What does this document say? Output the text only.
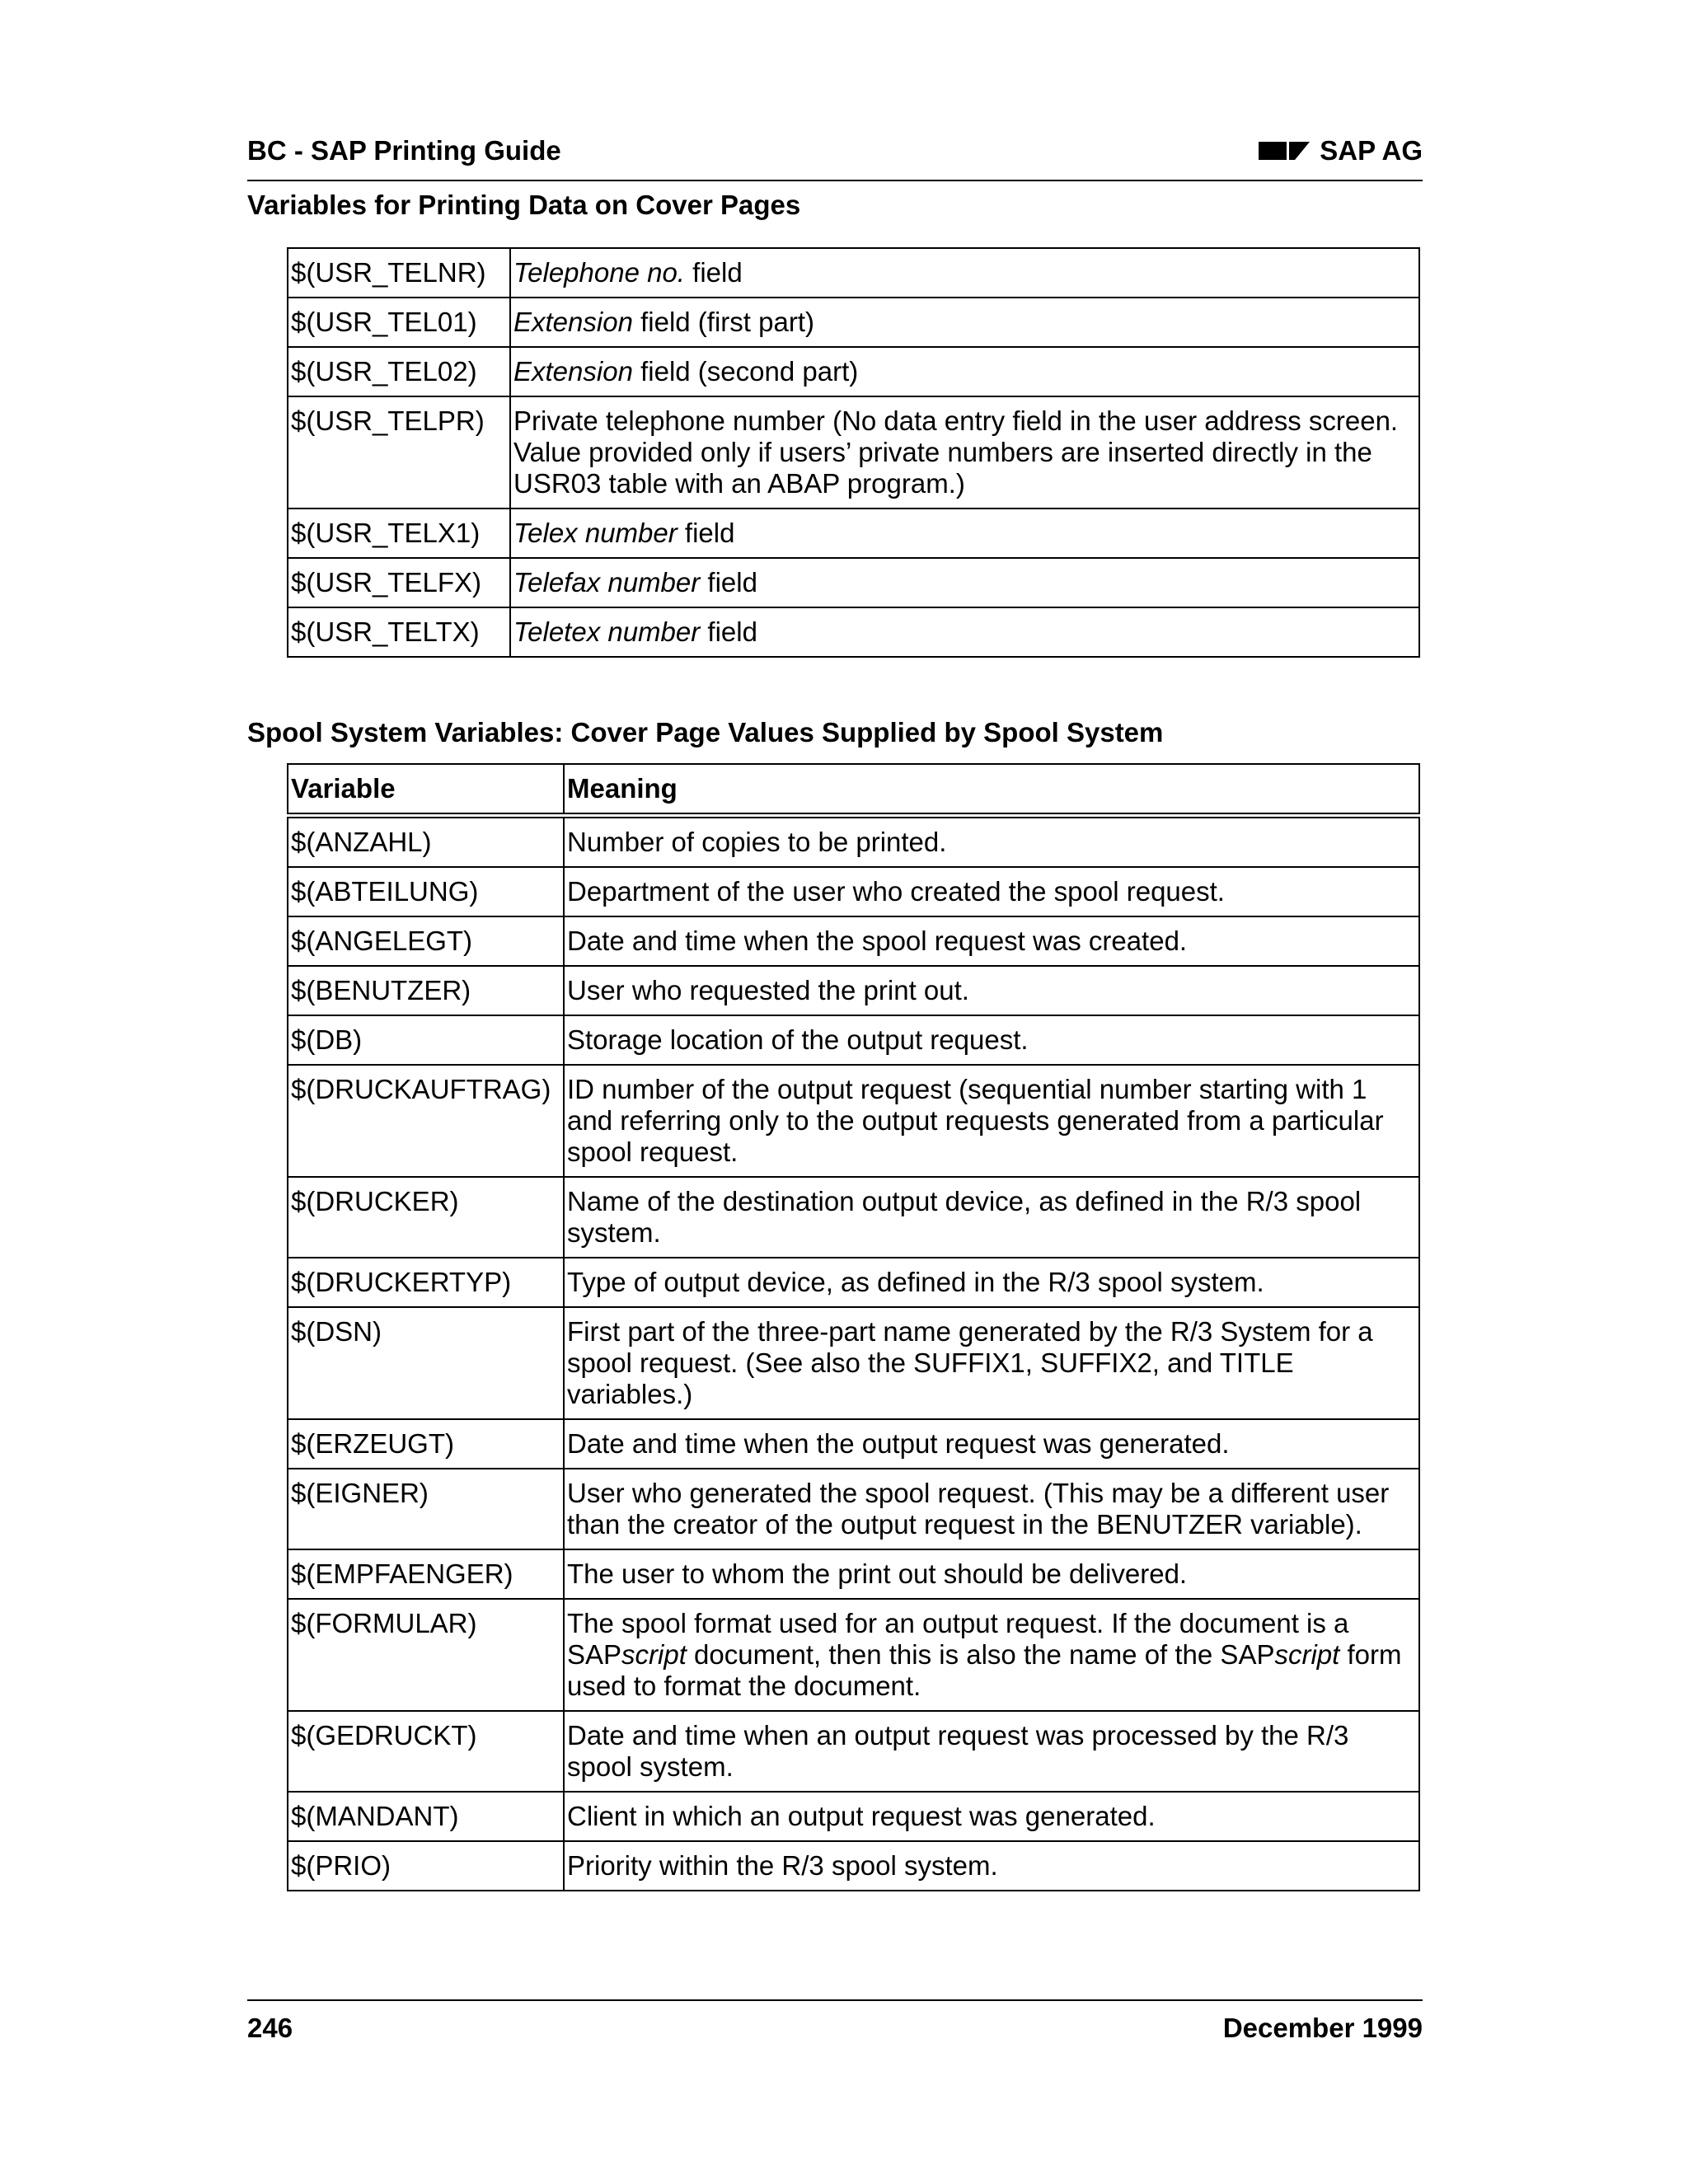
BC - SAP Printing Guide	SAP AG
Variables for Printing Data on Cover Pages
$(USR_TELNR)	Telephone no. field
$(USR_TEL01)	Extension field (first part)
$(USR_TEL02)	Extension field (second part)
$(USR_TELPR)	Private telephone number (No data entry field in the user address screen. Value provided only if users’ private numbers are inserted directly in the USR03 table with an ABAP program.)
$(USR_TELX1)	Telex number field
$(USR_TELFX)	Telefax number field
$(USR_TELTX)	Teletex number field
Spool System Variables: Cover Page Values Supplied by Spool System
Variable	Meaning
$(ANZAHL)	Number of copies to be printed.
$(ABTEILUNG)	Department of the user who created the spool request.
$(ANGELEGT)	Date and time when the spool request was created.
$(BENUTZER)	User who requested the print out.
$(DB)	Storage location of the output request.
$(DRUCKAUFTRAG)	ID number of the output request (sequential number starting with 1 and referring only to the output requests generated from a particular spool request.
$(DRUCKER)	Name of the destination output device, as defined in the R/3 spool system.
$(DRUCKERTYP)	Type of output device, as defined in the R/3 spool system.
$(DSN)	First part of the three-part name generated by the R/3 System for a spool request. (See also the SUFFIX1, SUFFIX2, and TITLE variables.)
$(ERZEUGT)	Date and time when the output request was generated.
$(EIGNER)	User who generated the spool request. (This may be a different user than the creator of the output request in the BENUTZER variable).
$(EMPFAENGER)	The user to whom the print out should be delivered.
$(FORMULAR)	The spool format used for an output request. If the document is a SAPscript document, then this is also the name of the SAPscript form used to format the document.
$(GEDRUCKT)	Date and time when an output request was processed by the R/3 spool system.
$(MANDANT)	Client in which an output request was generated.
$(PRIO)	Priority within the R/3 spool system.
246	December 1999
